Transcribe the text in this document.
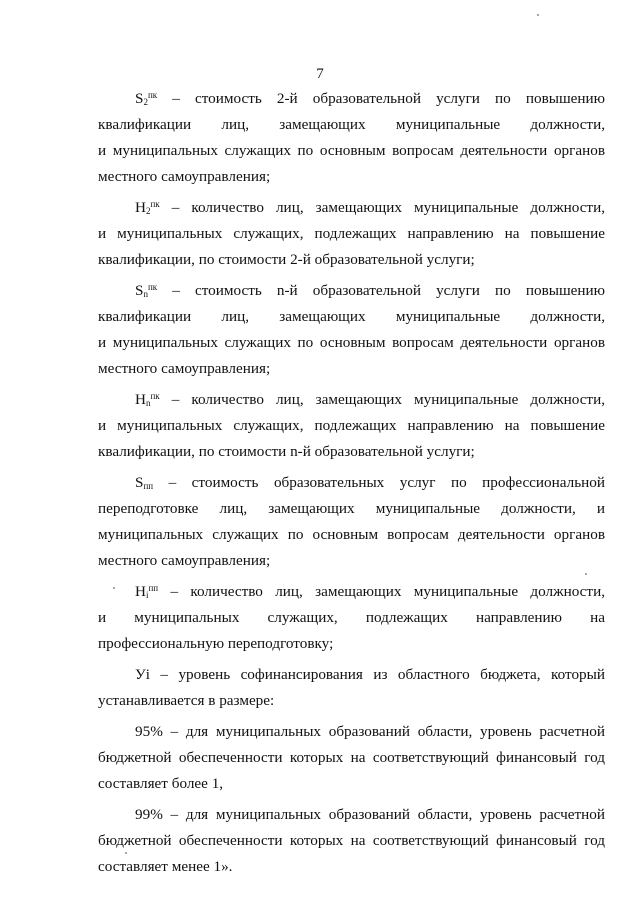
7
$S_2^{пк}$ – стоимость 2-й образовательной услуги по повышению
квалификации лиц, замещающих муниципальные должности,
и муниципальных служащих по основным вопросам деятельности органов
местного самоуправления;
$H_2^{пк}$ – количество лиц, замещающих муниципальные должности,
и муниципальных служащих, подлежащих направлению на повышение
квалификации, по стоимости 2-й образовательной услуги;
$S_n^{пк}$ – стоимость n-й образовательной услуги по повышению
квалификации лиц, замещающих муниципальные должности,
и муниципальных служащих по основным вопросам деятельности органов
местного самоуправления;
$H_n^{пк}$ – количество лиц, замещающих муниципальные должности,
и муниципальных служащих, подлежащих направлению на повышение
квалификации, по стоимости n-й образовательной услуги;
$S_{пп}$ – стоимость образовательных услуг по профессиональной
переподготовке лиц, замещающих муниципальные должности, и
муниципальных служащих по основным вопросам деятельности органов
местного самоуправления;
$H_i^{пп}$ – количество лиц, замещающих муниципальные должности,
и муниципальных служащих, подлежащих направлению на
профессиональную переподготовку;
Уi – уровень софинансирования из областного бюджета, который
устанавливается в размере:
95% – для муниципальных образований области, уровень расчетной
бюджетной обеспеченности которых на соответствующий финансовый год
составляет более 1,
99% – для муниципальных образований области, уровень расчетной
бюджетной обеспеченности которых на соответствующий финансовый год
составляет менее 1».
